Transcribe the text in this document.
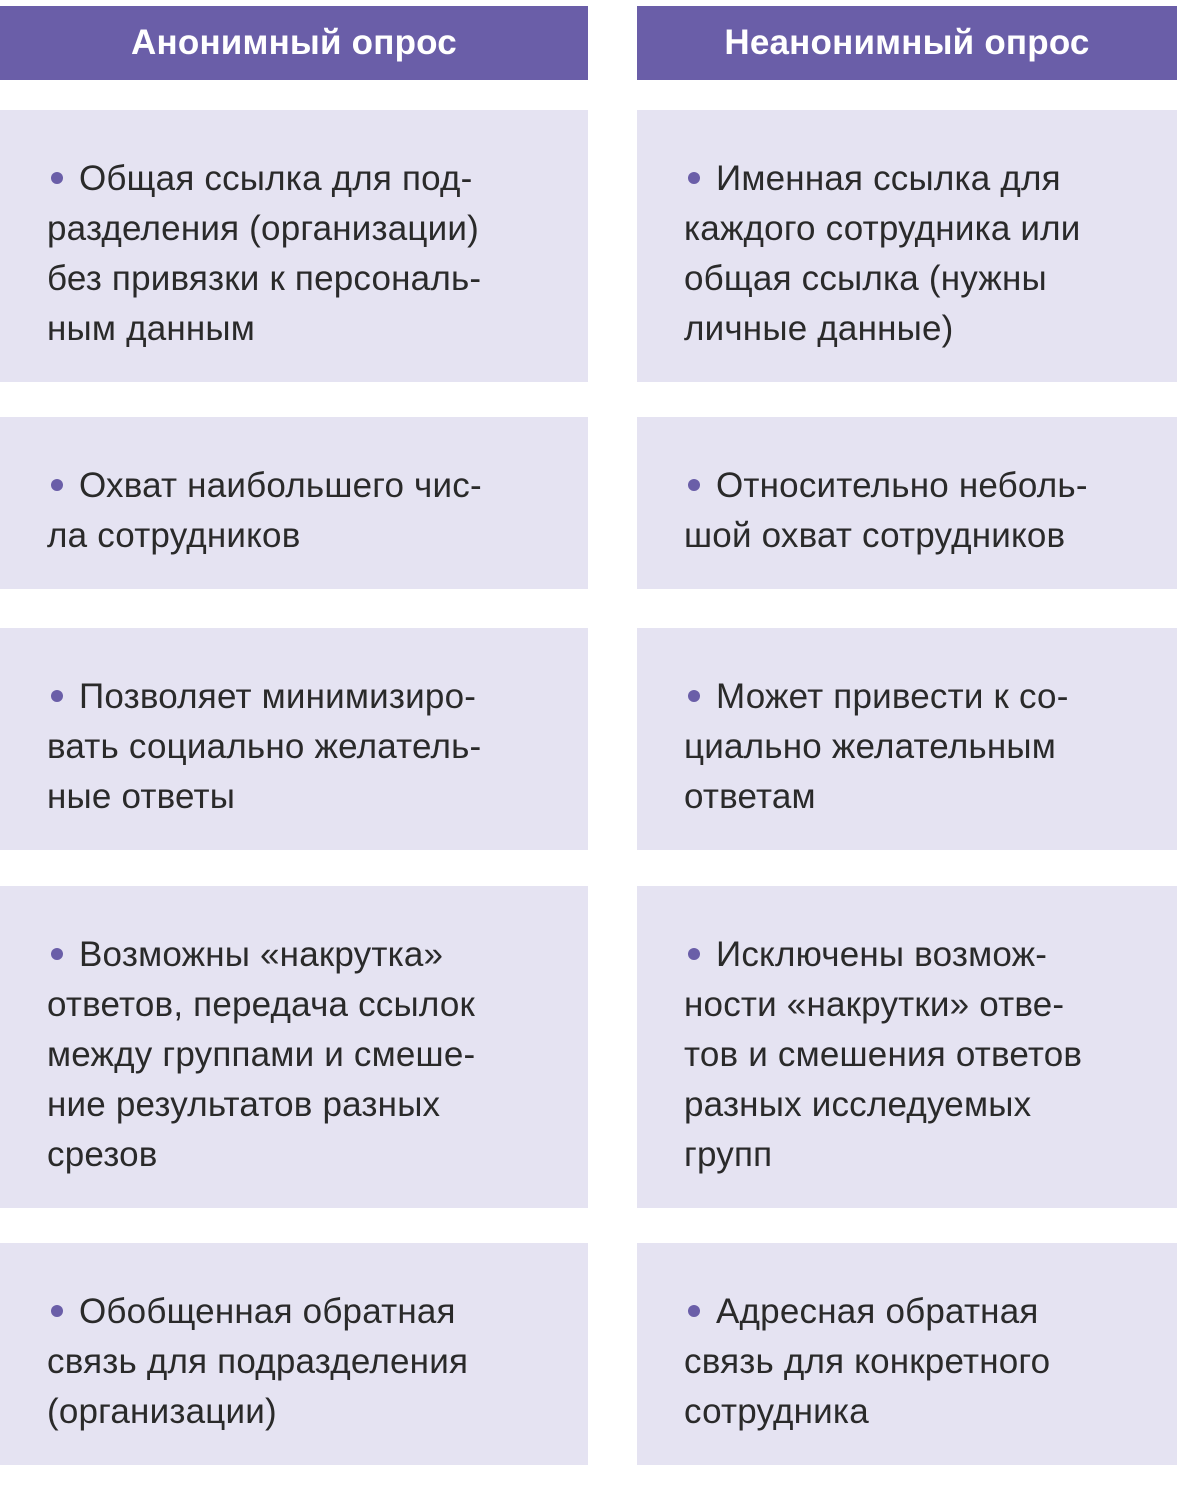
Анонимный опрос	Неанонимный опрос

Общая ссылка для под-
разделения (организации)
без привязки к персональ-
ным данным

Именная ссылка для
каждого сотрудника или
общая ссылка (нужны
личные данные)

Охват наибольшего чис-
ла сотрудников

Относительно неболь-
шой охват сотрудников

Позволяет минимизиро-
вать социально желатель-
ные ответы

Может привести к со-
циально желательным
ответам

Возможны «накрутка»
ответов, передача ссылок
между группами и смеше-
ние результатов разных
срезов

Исключены возмож-
ности «накрутки» отве-
тов и смешения ответов
разных исследуемых
групп

Обобщенная обратная
связь для подразделения
(организации)

Адресная обратная
связь для конкретного
сотрудника
